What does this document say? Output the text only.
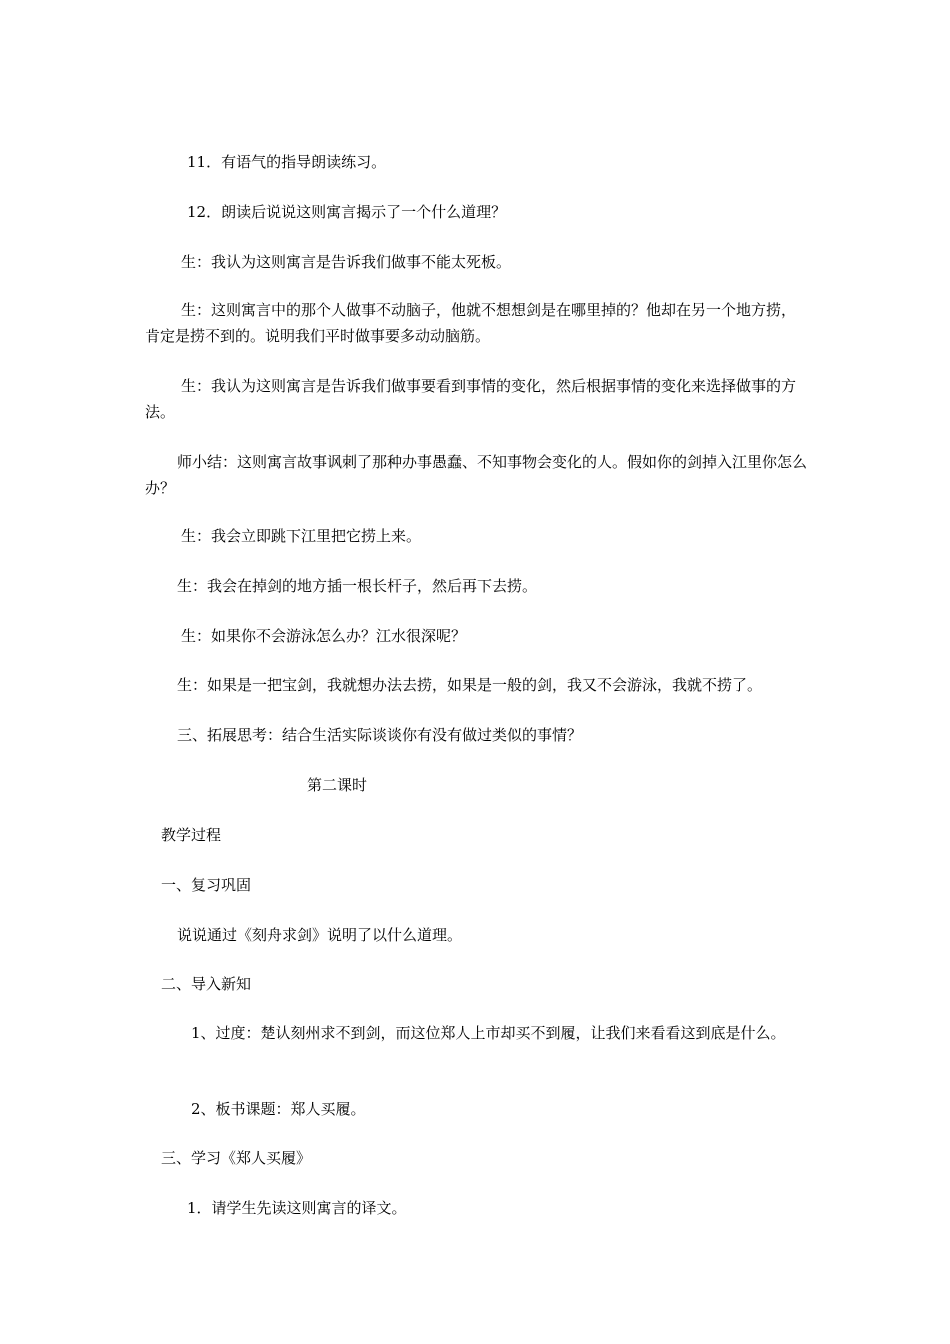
11．有语气的指导朗读练习。
12．朗读后说说这则寓言揭示了一个什么道理？
生：我认为这则寓言是告诉我们做事不能太死板。
生：这则寓言中的那个人做事不动脑子，他就不想想剑是在哪里掉的？他却在另一个地方捞，肯定是捞不到的。说明我们平时做事要多动动脑筋。
生：我认为这则寓言是告诉我们做事要看到事情的变化，然后根据事情的变化来选择做事的方法。
师小结：这则寓言故事讽刺了那种办事愚蠢、不知事物会变化的人。假如你的剑掉入江里你怎么办？
生：我会立即跳下江里把它捞上来。
生：我会在掉剑的地方插一根长杆子，然后再下去捞。
生：如果你不会游泳怎么办？江水很深呢？
生：如果是一把宝剑，我就想办法去捞，如果是一般的剑，我又不会游泳，我就不捞了。
三、拓展思考：结合生活实际谈谈你有没有做过类似的事情？
第二课时
教学过程
一、复习巩固
说说通过《刻舟求剑》说明了以什么道理。
二、导入新知
1、过度：楚认刻州求不到剑，而这位郑人上市却买不到履，让我们来看看这到底是什么。
2、板书课题：郑人买履。
三、学习《郑人买履》
1．请学生先读这则寓言的译文。
